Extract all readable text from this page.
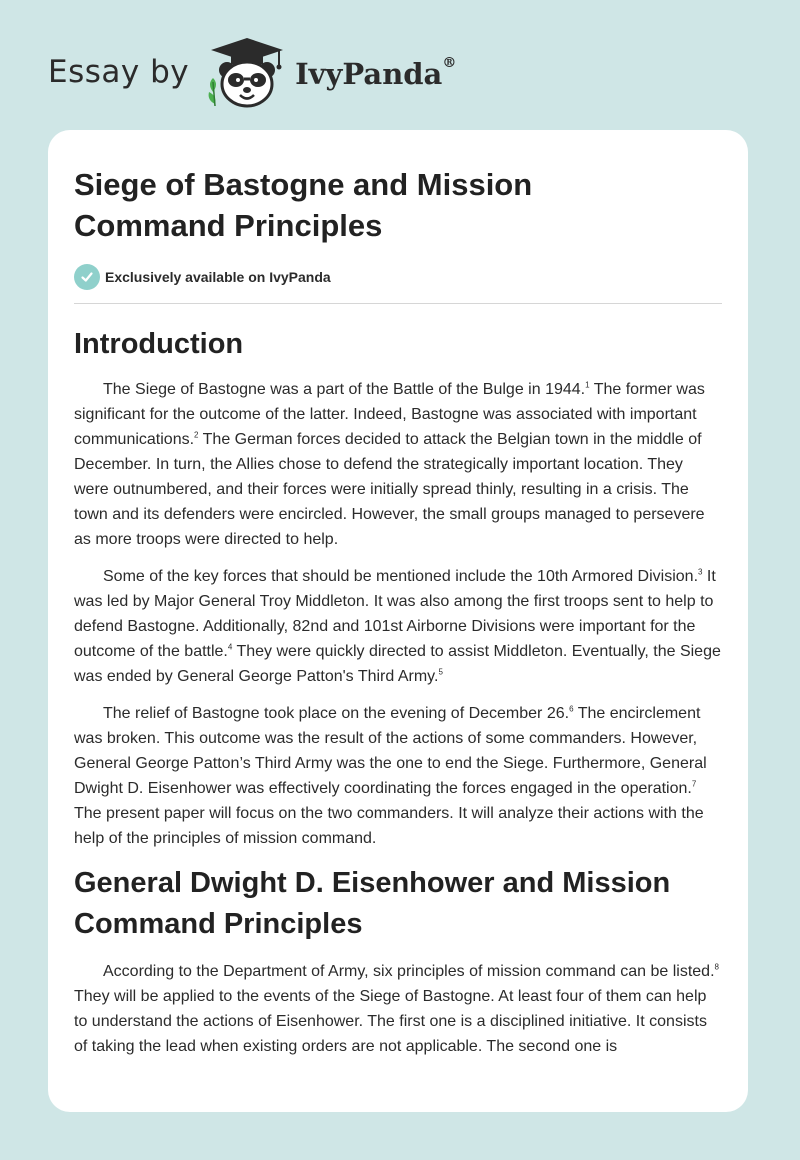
Essay by	IvyPanda®
Siege of Bastogne and Mission Command Principles
Exclusively available on IvyPanda
Introduction

The Siege of Bastogne was a part of the Battle of the Bulge in 1944.$^1$ The former was significant for the outcome of the latter. Indeed, Bastogne was associated with important communications.$^2$ The German forces decided to attack the Belgian town in the middle of December. In turn, the Allies chose to defend the strategically important location. They were outnumbered, and their forces were initially spread thinly, resulting in a crisis. The town and its defenders were encircled. However, the small groups managed to persevere as more troops were directed to help.

Some of the key forces that should be mentioned include the 10th Armored Division.$^3$ It was led by Major General Troy Middleton. It was also among the first troops sent to help to defend Bastogne. Additionally, 82nd and 101st Airborne Divisions were important for the outcome of the battle.$^4$ They were quickly directed to assist Middleton. Eventually, the Siege was ended by General George Patton's Third Army.$^5$

The relief of Bastogne took place on the evening of December 26.$^6$ The encirclement was broken. This outcome was the result of the actions of some commanders. However, General George Patton’s Third Army was the one to end the Siege. Furthermore, General Dwight D. Eisenhower was effectively coordinating the forces engaged in the operation.$^7$ The present paper will focus on the two commanders. It will analyze their actions with the help of the principles of mission command.

General Dwight D. Eisenhower and Mission Command Principles

According to the Department of Army, six principles of mission command can be listed.$^8$ They will be applied to the events of the Siege of Bastogne. At least four of them can help to understand the actions of Eisenhower. The first one is a disciplined initiative. It consists of taking the lead when existing orders are not applicable. The second one is
